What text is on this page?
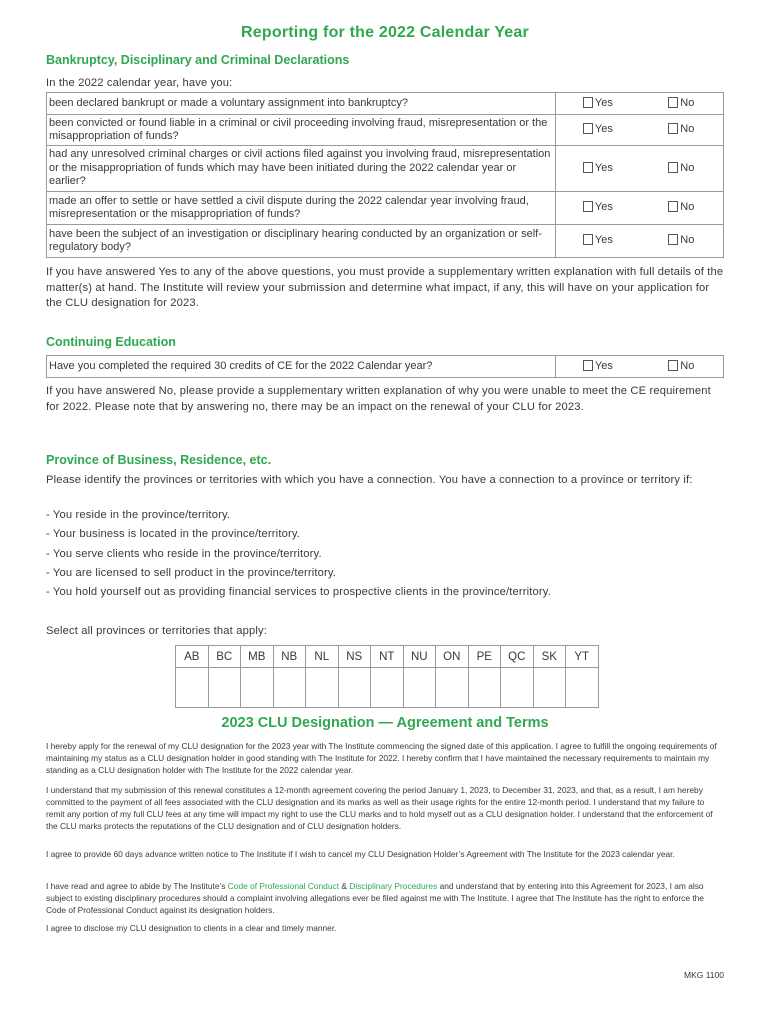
Reporting for the 2022 Calendar Year
Bankruptcy, Disciplinary and Criminal Declarations
In the 2022 calendar year, have you:
been declared bankrupt or made a voluntary assignment into bankruptcy?	Yes	No
been convicted or found liable in a criminal or civil proceeding involving fraud, misrepresentation or the misappropriation of funds?	Yes	No
had any unresolved criminal charges or civil actions filed against you involving fraud, misrepresentation or the misappropriation of funds which may have been initiated during the 2022 calendar year or earlier?	Yes	No
made an offer to settle or have settled a civil dispute during the 2022 calendar year involving fraud, misrepresentation or the misappropriation of funds?	Yes	No
have been the subject of an investigation or disciplinary hearing conducted by an organization or self-regulatory body?	Yes	No
If you have answered Yes to any of the above questions, you must provide a supplementary written explanation with full details of the matter(s) at hand. The Institute will review your submission and determine what impact, if any, this will have on your application for the CLU designation for 2023.
Continuing Education
Have you completed the required 30 credits of CE for the 2022 Calendar year?	Yes	No
If you have answered No, please provide a supplementary written explanation of why you were unable to meet the CE requirement for 2022. Please note that by answering no, there may be an impact on the renewal of your CLU for 2023.
Province of Business, Residence, etc.
Please identify the provinces or territories with which you have a connection. You have a connection to a province or territory if:
- You reside in the province/territory.
- Your business is located in the province/territory.
- You serve clients who reside in the province/territory.
- You are licensed to sell product in the province/territory.
- You hold yourself out as providing financial services to prospective clients in the province/territory.
Select all provinces or territories that apply:
AB	BC	MB	NB	NL	NS	NT	NU	ON	PE	QC	SK	YT

2023 CLU Designation — Agreement and Terms
I hereby apply for the renewal of my CLU designation for the 2023 year with The Institute commencing the signed date of this application. I agree to fulfill the ongoing requirements of maintaining my status as a CLU designation holder in good standing with The Institute for 2022. I hereby confirm that I have maintained the necessary requirements to maintain my standing as a CLU designation holder with The Institute for the 2022 calendar year.
I understand that my submission of this renewal constitutes a 12-month agreement covering the period January 1, 2023, to December 31, 2023, and that, as a result, I am hereby committed to the payment of all fees associated with the CLU designation and its marks as well as their usage rights for the entire 12-month period. I understand that my failure to remit any portion of my full CLU fees at any time will impact my right to use the CLU marks and to hold myself out as a CLU designation holder. I understand that the enforcement of the CLU marks protects the reputations of the CLU designation and of CLU designation holders.
I agree to provide 60 days advance written notice to The Institute if I wish to cancel my CLU Designation Holder’s Agreement with The Institute for the 2023 calendar year.
I have read and agree to abide by The Institute’s Code of Professional Conduct & Disciplinary Procedures and understand that by entering into this Agreement for 2023, I am also subject to existing disciplinary procedures should a complaint involving allegations ever be filed against me with The Institute. I agree that The Institute has the right to enforce the Code of Professional Conduct against its designation holders.
I agree to disclose my CLU designation to clients in a clear and timely manner.
MKG 1100
